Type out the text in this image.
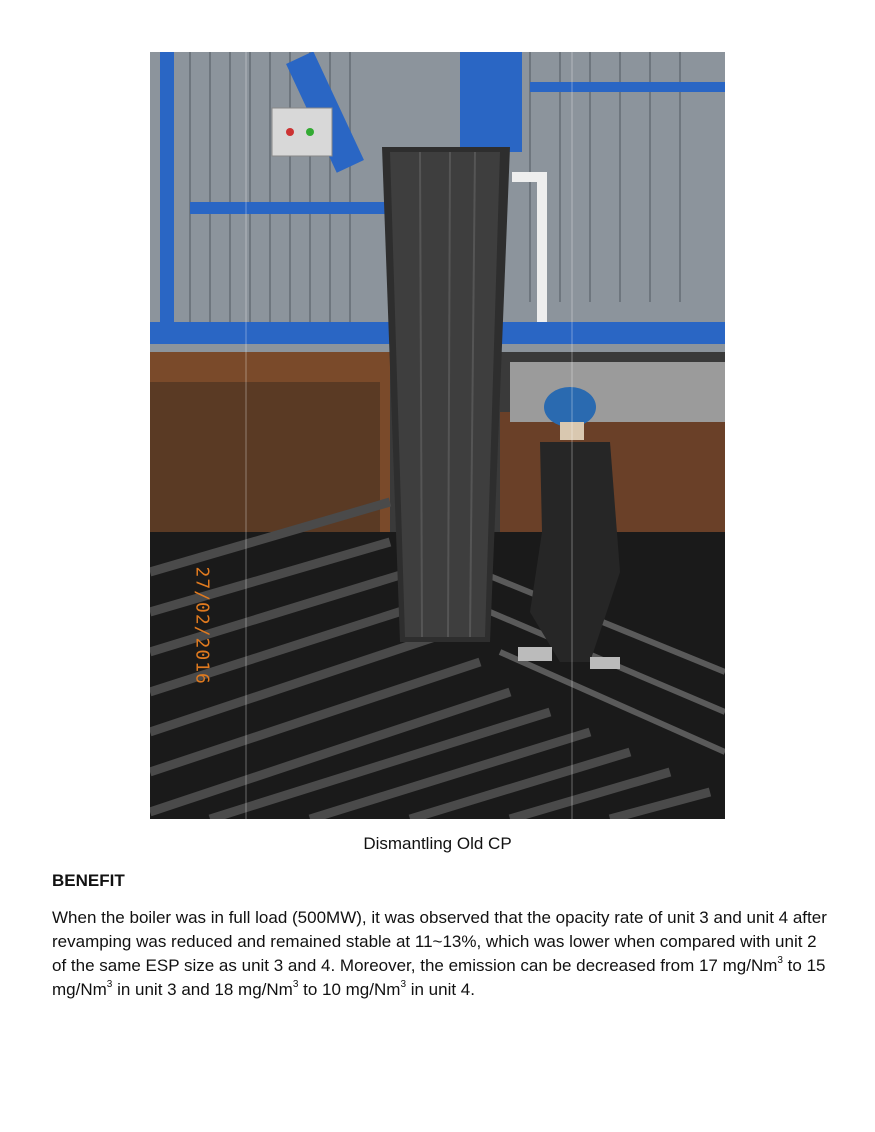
27/02/2016
Dismantling Old CP
BENEFIT
When the boiler was in full load (500MW), it was observed that the opacity rate of unit 3 and unit 4 after revamping was reduced and remained stable at 11~13%, which was lower when compared with unit 2 of the same ESP size as unit 3 and 4. Moreover, the emission can be decreased from 17 mg/Nm$^3$ to 15 mg/Nm$^3$ in unit 3 and 18 mg/Nm$^3$ to 10 mg/Nm$^3$ in unit 4.
